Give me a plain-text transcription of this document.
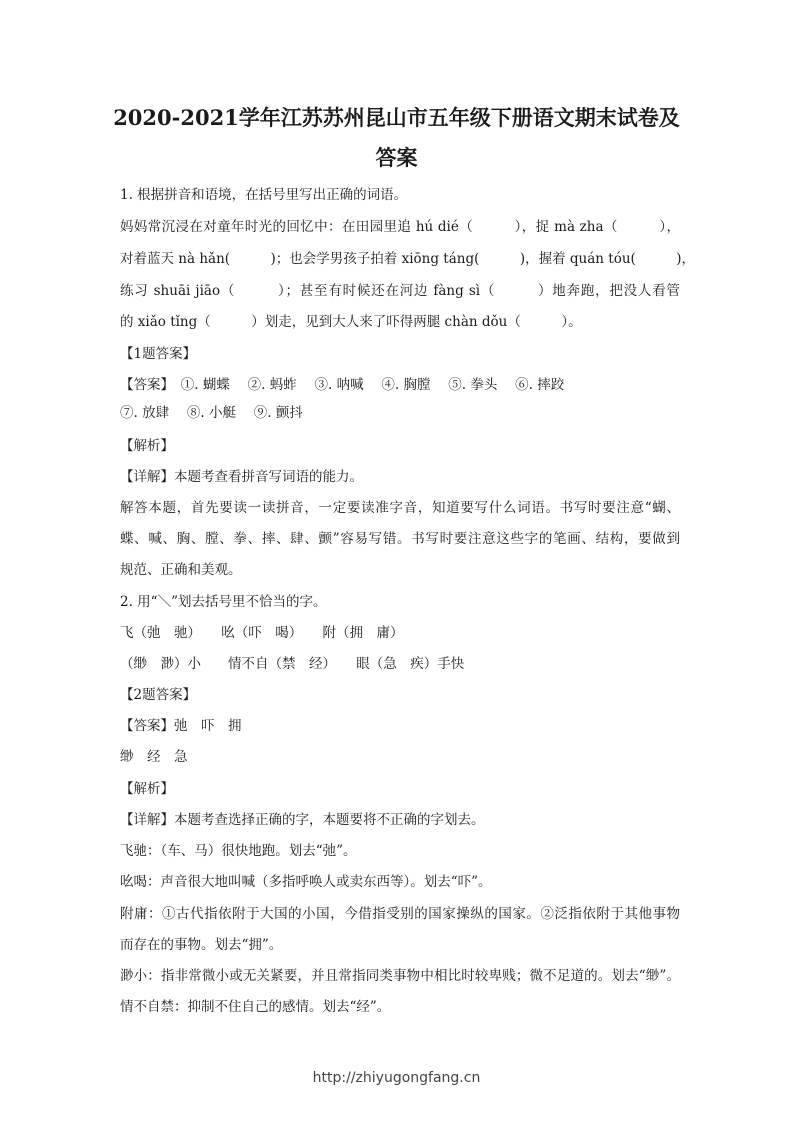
2020-2021学年江苏苏州昆山市五年级下册语文期末试卷及
答案
1. 根据拼音和语境，在括号里写出正确的词语。
妈妈常沉浸在对童年时光的回忆中：在田园里追 hú dié（　　　），捉 mà zha（　　　），
对着蓝天 nà hǎn(　　　)；也会学男孩子拍着 xiōng táng(　　　)，握着 quán tóu(　　　)，
练习 shuāi jiāo（　　　）；甚至有时候还在河边 fàng sì（　　　）地奔跑，把没人看管
的 xiǎo tǐng（　　　）划走，见到大人来了吓得两腿 chàn dǒu（　　　）。
【1题答案】
【答案】　①. 蝴蝶　 ②. 蚂蚱　 ③. 呐喊　 ④. 胸膛　 ⑤. 拳头　 ⑥. 摔跤
⑦. 放肆　 ⑧. 小艇　 ⑨. 颤抖
【解析】
【详解】本题考查看拼音写词语的能力。
解答本题，首先要读一读拼音，一定要读准字音，知道要写什么词语。书写时要注意“蝴、
蝶、喊、胸、膛、拳、摔、肆、颤”容易写错。书写时要注意这些字的笔画、结构，要做到
规范、正确和美观。
2. 用“＼”划去括号里不恰当的字。
飞（弛　驰）　　吆（吓　喝）　　附（拥　庸）
（缈　渺）小　　情不自（禁　经）　　眼（急　疾）手快
【2题答案】
【答案】弛　吓　拥
缈　经　急
【解析】
【详解】本题考查选择正确的字，本题要将不正确的字划去。
飞驰：（车、马）很快地跑。划去“弛”。
吆喝：声音很大地叫喊（多指呼唤人或卖东西等）。划去“吓”。
附庸：①古代指依附于大国的小国，今借指受别的国家操纵的国家。②泛指依附于其他事物
而存在的事物。划去“拥”。
渺小：指非常微小或无关紧要，并且常指同类事物中相比时较卑贱；微不足道的。划去“缈”。
情不自禁：抑制不住自己的感情。划去“经”。
http://zhiyugongfang.cn
